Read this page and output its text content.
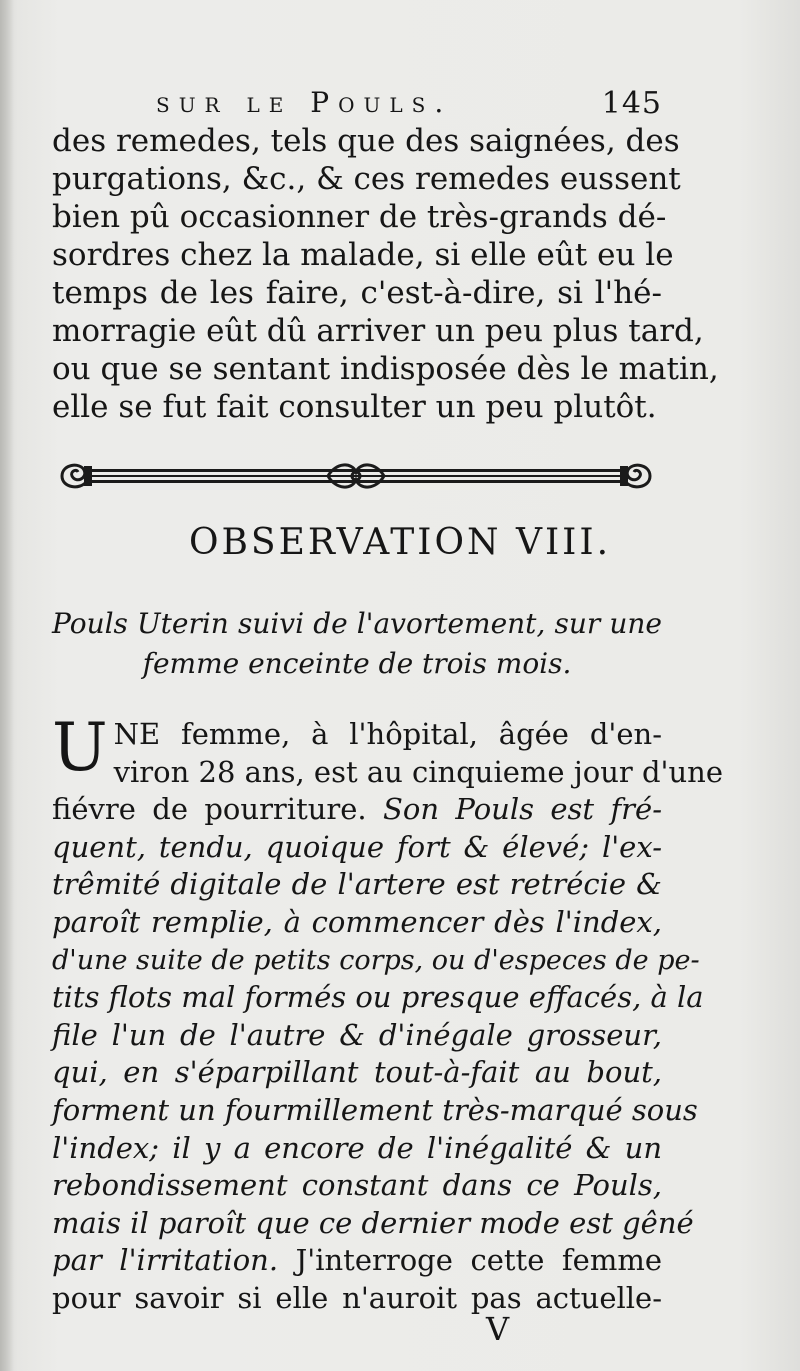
sur le Pouls.	145
des remedes, tels que des saignées, des
purgations, &c., & ces remedes eussent
bien pû occasionner de très-grands dé-
sordres chez la malade, si elle eût eu le
temps de les faire, c'est-à-dire, si l'hé-
morragie eût dû arriver un peu plus tard,
ou que se sentant indisposée dès le matin,
elle se fut fait consulter un peu plutôt.
OBSERVATION VIII.
Pouls Uterin suivi de l'avortement, sur une
femme enceinte de trois mois.
U NE femme, à l'hôpital, âgée d'en-
viron 28 ans, est au cinquieme jour d'une
fiévre de pourriture. Son Pouls est fré-
quent, tendu, quoique fort & élevé; l'ex-
trêmité digitale de l'artere est retrécie &
paroît remplie, à commencer dès l'index,
d'une suite de petits corps, ou d'especes de pe-
tits flots mal formés ou presque effacés, à la
file l'un de l'autre & d'inégale grosseur,
qui, en s'éparpillant tout-à-fait au bout,
forment un fourmillement très-marqué sous
l'index; il y a encore de l'inégalité & un
rebondissement constant dans ce Pouls,
mais il paroît que ce dernier mode est gêné
par l'irritation. J'interroge cette femme
pour savoir si elle n'auroit pas actuelle-
V
